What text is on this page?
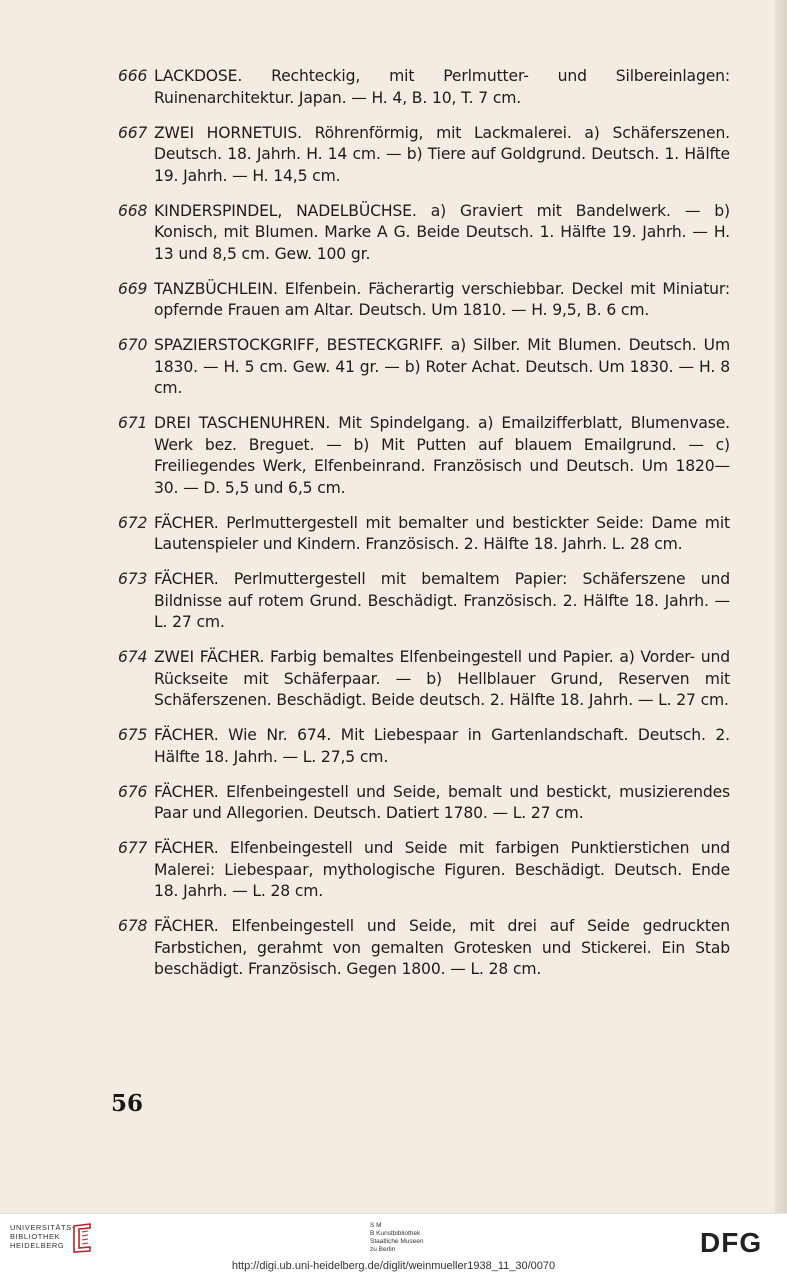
666 LACKDOSE. Rechteckig, mit Perlmutter- und Silbereinlagen: Ruinenarchitektur. Japan. — H. 4, B. 10, T. 7 cm.
667 ZWEI HORNETUIS. Röhrenförmig, mit Lackmalerei. a) Schäferszenen. Deutsch. 18. Jahrh. H. 14 cm. — b) Tiere auf Goldgrund. Deutsch. 1. Hälfte 19. Jahrh. — H. 14,5 cm.
668 KINDERSPINDEL, NADELBÜCHSE. a) Graviert mit Bandelwerk. — b) Konisch, mit Blumen. Marke A G. Beide Deutsch. 1. Hälfte 19. Jahrh. — H. 13 und 8,5 cm. Gew. 100 gr.
669 TANZBÜCHLEIN. Elfenbein. Fächerartig verschiebbar. Deckel mit Miniatur: opfernde Frauen am Altar. Deutsch. Um 1810. — H. 9,5, B. 6 cm.
670 SPAZIERSTOCKGRIFF, BESTECKGRIFF. a) Silber. Mit Blumen. Deutsch. Um 1830. — H. 5 cm. Gew. 41 gr. — b) Roter Achat. Deutsch. Um 1830. — H. 8 cm.
671 DREI TASCHENUHREN. Mit Spindelgang. a) Emailzifferblatt, Blumenvase. Werk bez. Breguet. — b) Mit Putten auf blauem Emailgrund. — c) Freiliegendes Werk, Elfenbeinrand. Französisch und Deutsch. Um 1820—30. — D. 5,5 und 6,5 cm.
672 FÄCHER. Perlmuttergestell mit bemalter und bestickter Seide: Dame mit Lautenspieler und Kindern. Französisch. 2. Hälfte 18. Jahrh. L. 28 cm.
673 FÄCHER. Perlmuttergestell mit bemaltem Papier: Schäferszene und Bildnisse auf rotem Grund. Beschädigt. Französisch. 2. Hälfte 18. Jahrh. — L. 27 cm.
674 ZWEI FÄCHER. Farbig bemaltes Elfenbeingestell und Papier. a) Vorder- und Rückseite mit Schäferpaar. — b) Hellblauer Grund, Reserven mit Schäferszenen. Beschädigt. Beide deutsch. 2. Hälfte 18. Jahrh. — L. 27 cm.
675 FÄCHER. Wie Nr. 674. Mit Liebespaar in Gartenlandschaft. Deutsch. 2. Hälfte 18. Jahrh. — L. 27,5 cm.
676 FÄCHER. Elfenbeingestell und Seide, bemalt und bestickt, musizierendes Paar und Allegorien. Deutsch. Datiert 1780. — L. 27 cm.
677 FÄCHER. Elfenbeingestell und Seide mit farbigen Punktierstichen und Malerei: Liebespaar, mythologische Figuren. Beschädigt. Deutsch. Ende 18. Jahrh. — L. 28 cm.
678 FÄCHER. Elfenbeingestell und Seide, mit drei auf Seide gedruckten Farbstichen, gerahmt von gemalten Grotesken und Stickerei. Ein Stab beschädigt. Französisch. Gegen 1800. — L. 28 cm.
56
UNIVERSITÄTS-
BIBLIOTHEK
HEIDELBERG
S M
B Kunstbibliothek
Staatliche Museen
zu Berlin	DFG
http://digi.ub.uni-heidelberg.de/diglit/weinmueller1938_11_30/0070
